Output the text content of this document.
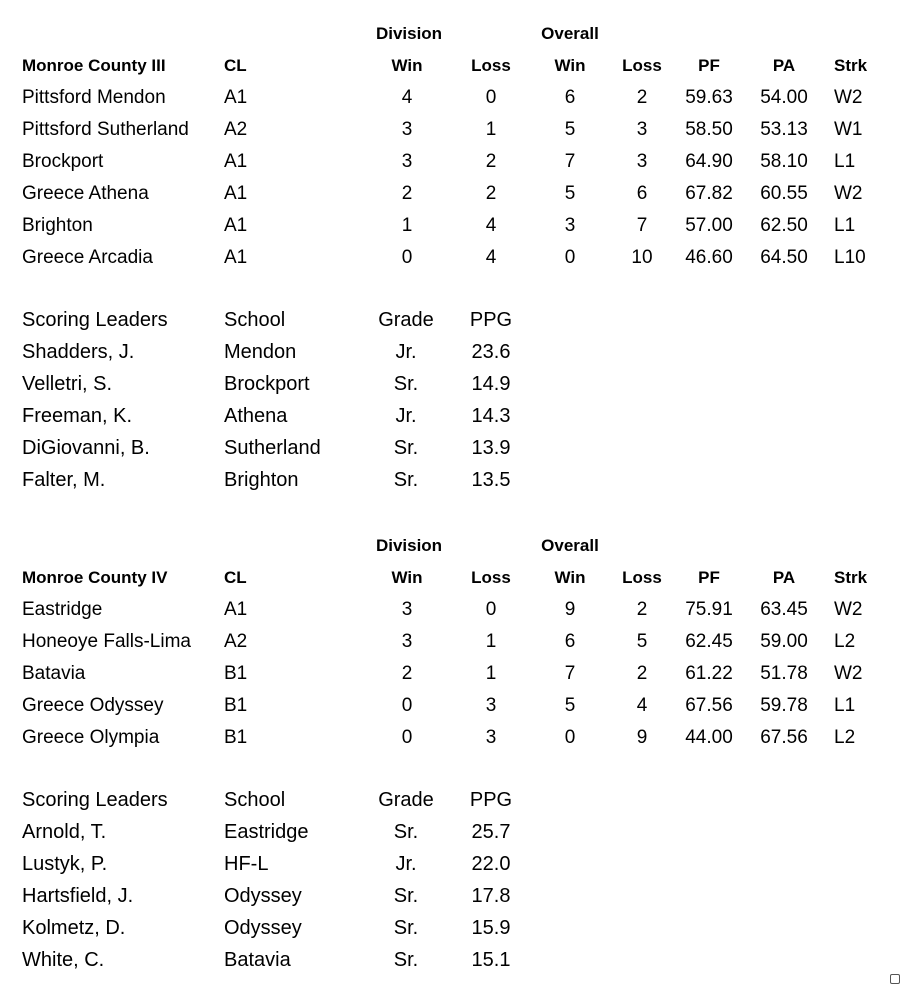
Division	Overall
Monroe County III	CL	Win	Loss	Win	Loss	PF	PA	Strk
Pittsford Mendon	A1	4	0	6	2	59.63	54.00	W2
Pittsford Sutherland A2	3	1	5	3	58.50	53.13	W1
Brockport	A1	3	2	7	3	64.90	58.10	L1
Greece Athena	A1	2	2	5	6	67.82	60.55	W2
Brighton	A1	1	4	3	7	57.00	62.50	L1
Greece Arcadia	A1	0	4	0	10	46.60	64.50	L10
Scoring Leaders	School	Grade	PPG
Shadders, J.	Mendon	Jr.	23.6
Velletri, S.	Brockport	Sr.	14.9
Freeman, K.	Athena	Jr.	14.3
DiGiovanni, B.	Sutherland	Sr.	13.9
Falter, M.	Brighton	Sr.	13.5
Division	Overall
Monroe County IV	CL	Win	Loss	Win	Loss	PF	PA	Strk
Eastridge	A1	3	0	9	2	75.91	63.45	W2
Honeoye Falls-Lima A2	3	1	6	5	62.45	59.00	L2
Batavia	B1	2	1	7	2	61.22	51.78	W2
Greece Odyssey	B1	0	3	5	4	67.56	59.78	L1
Greece Olympia	B1	0	3	0	9	44.00	67.56	L2
Scoring Leaders	School	Grade	PPG
Arnold, T.	Eastridge	Sr.	25.7
Lustyk, P.	HF-L	Jr.	22.0
Hartsfield, J.	Odyssey	Sr.	17.8
Kolmetz, D.	Odyssey	Sr.	15.9
White, C.	Batavia	Sr.	15.1
